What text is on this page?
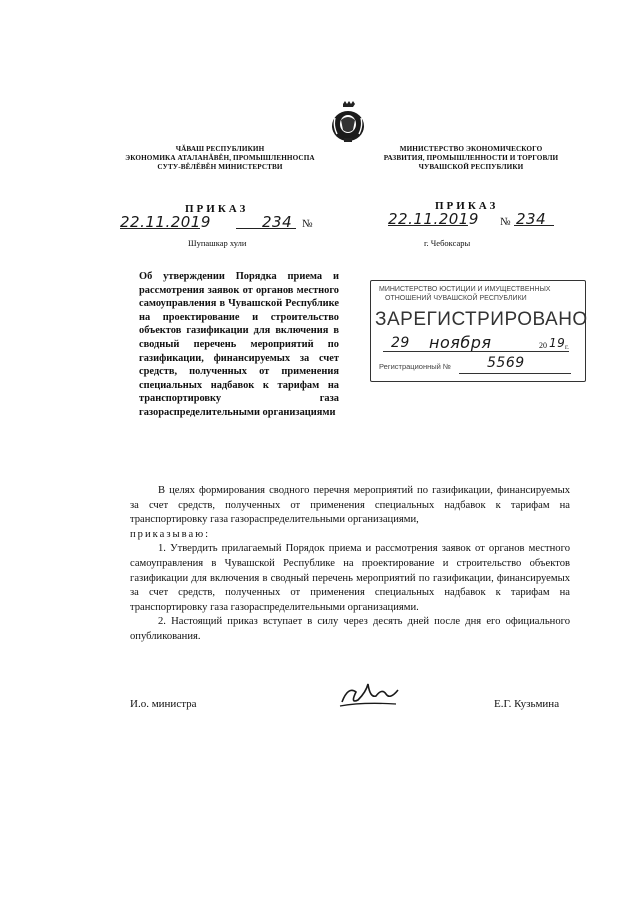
ЧĂВАШ РЕСПУБЛИКИН
ЭКОНОМИКА АТАЛАНĂВĔН, ПРОМЫШЛЕННОСПА
СУТУ-ВĔЛĔВĔН МИНИСТЕРСТВИ
МИНИСТЕРСТВО ЭКОНОМИЧЕСКОГО
РАЗВИТИЯ, ПРОМЫШЛЕННОСТИ И ТОРГОВЛИ
ЧУВАШСКОЙ РЕСПУБЛИКИ
ПРИКАЗ
22.11.2019	234 №
Шупашкар хули
ПРИКАЗ
22.11.2019 № 234
г. Чебоксары
Об утверждении Порядка приема и рассмотрения заявок от органов местного самоуправления в Чувашской Республике на проектирование и строительство объектов газификации для включения в сводный перечень мероприятий по газификации, финансируемых за счет средств, полученных от применения специальных надбавок к тарифам на транспортировку газа газораспределительными организациями
МИНИСТЕРСТВО ЮСТИЦИИ И ИМУЩЕСТВЕННЫХ
ОТНОШЕНИЙ ЧУВАШСКОЙ РЕСПУБЛИКИ
ЗАРЕГИСТРИРОВАНО
29 ноября	20 19 г.
Регистрационный №	5569

В целях формирования сводного перечня мероприятий по газификации, финансируемых за счет средств, полученных от применения специальных надбавок к тарифам на транспортировку газа газораспределительными организациями,

приказываю:

1. Утвердить прилагаемый Порядок приема и рассмотрения заявок от органов местного самоуправления в Чувашской Республике на проектирование и строительство объектов газификации для включения в сводный перечень мероприятий по газификации, финансируемых за счет средств, полученных от применения специальных надбавок к тарифам на транспортировку газа газораспределительными организациями.

2. Настоящий приказ вступает в силу через десять дней после дня его официального опубликования.

И.о. министра	Е.Г. Кузьмина
